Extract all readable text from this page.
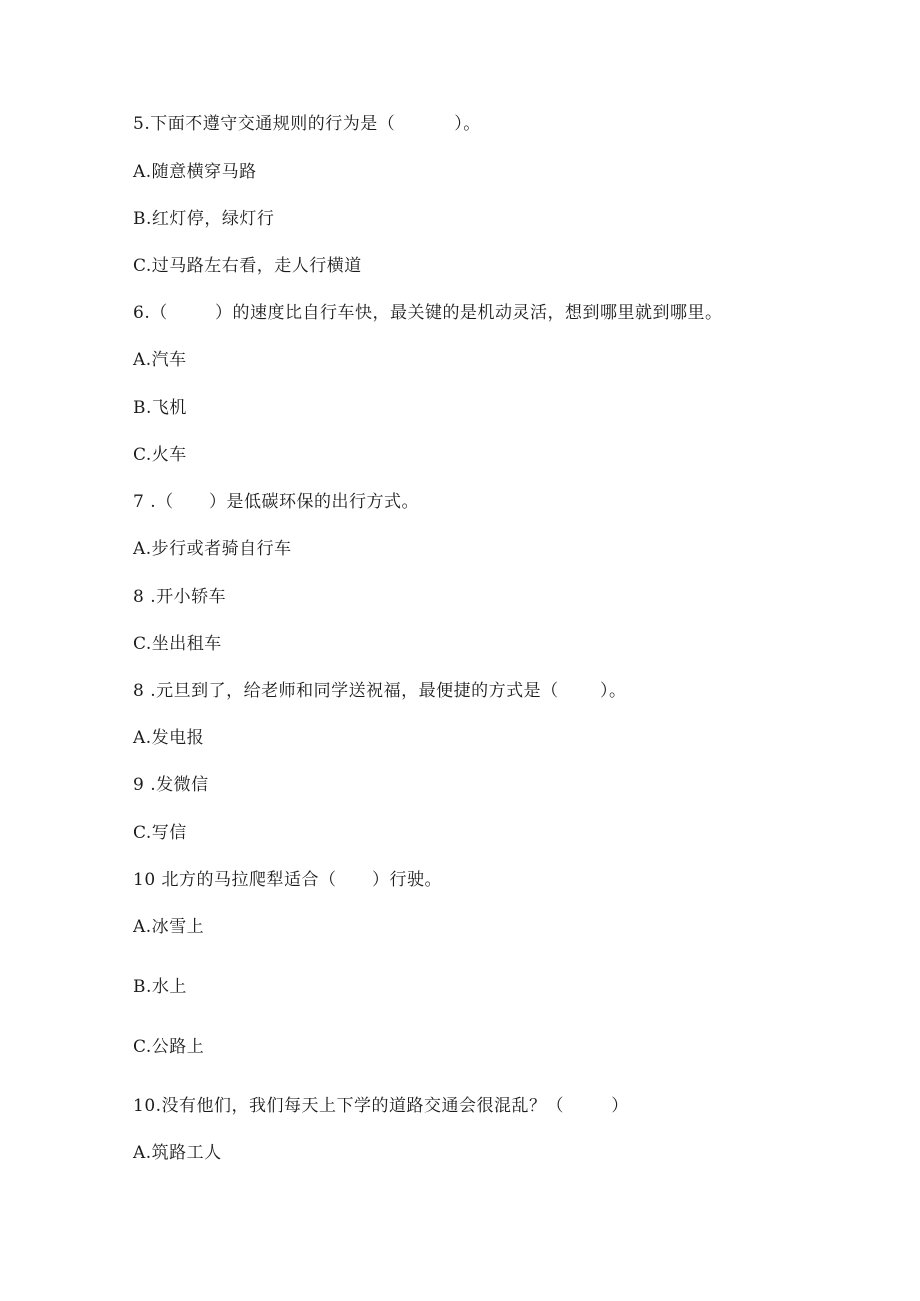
5.下面不遵守交通规则的行为是（          ）。
A.随意横穿马路
B.红灯停，绿灯行
C.过马路左右看，走人行横道
6.（        ）的速度比自行车快，最关键的是机动灵活，想到哪里就到哪里。
A.汽车
B.飞机
C.火车
7 .（      ）是低碳环保的出行方式。
A.步行或者骑自行车
8 .开小轿车
C.坐出租车
8 .元旦到了，给老师和同学送祝福，最便捷的方式是（       ）。
A.发电报
9 .发微信
C.写信
10 北方的马拉爬犁适合（      ）行驶。
A.冰雪上
B.水上
C.公路上
10.没有他们，我们每天上下学的道路交通会很混乱？（        ）
A.筑路工人
